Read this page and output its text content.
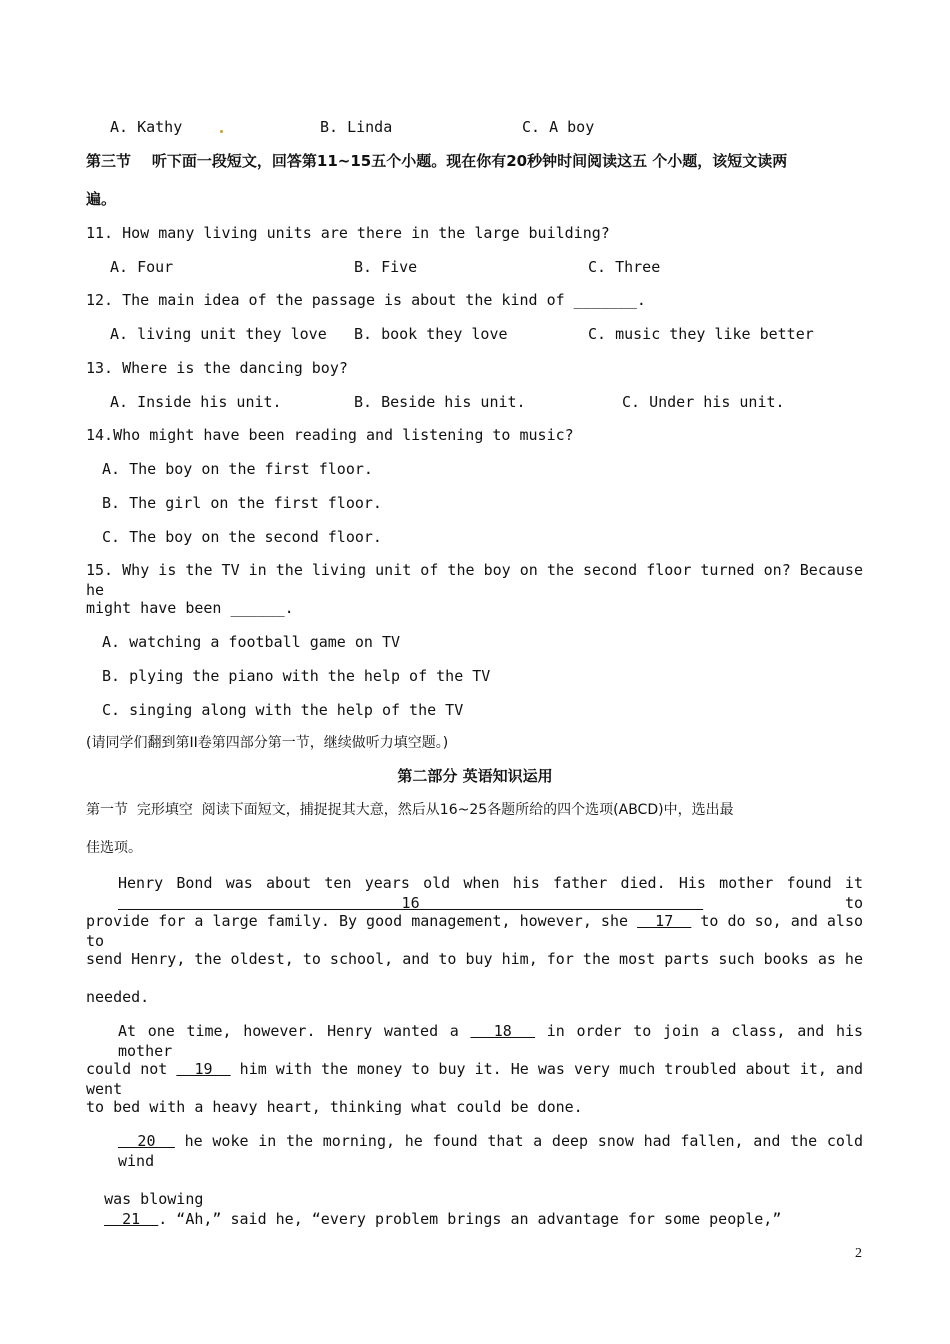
A. Kathy	B. Linda	C. A boy
第三节    听下面一段短文，回答第11~15五个小题。现在你有20秒钟时间阅读这五 个小题，该短文读两
遍。
11. How many living units are there in the large building?
A. Four	B. Five	C. Three
12. The main idea of the passage is about the kind of _______.
A. living unit they love B. book they love	C. music they like better
13. Where is the dancing boy?
A. Inside his unit.	B. Beside his unit.	C. Under his unit.
14.Who might have been reading and listening to music?
A. The boy on the first floor.
B. The girl on the first floor.
C. The boy on the second floor.
15. Why is the TV in the living unit of the boy on the second floor turned on? Because he
might have been ______.
A. watching a football game on TV
B. plying the piano with the help of the TV
C. singing along with the help of the TV
(请同学们翻到第II卷第四部分第一节，继续做听力填空题。)
第二部分 英语知识运用
第一节  完形填空  阅读下面短文，捕捉捉其大意，然后从16~25各题所给的四个选项(ABCD)中，选出最
佳选项。
Henry Bond was about ten years old when his father died. His mother found it   16	to
provide for a large family. By good management, however, she   17   to do so, and also to
send Henry, the oldest, to school, and to buy him, for the most parts such books as he
needed.
At one time, however. Henry wanted a   18   in order to join a class, and his mother
could not   19   him with the money to buy it. He was very much troubled about it, and went
to bed with a heavy heart, thinking what could be done.
20   he woke in the morning, he found that a deep snow had fallen, and the cold wind

was blowing
21  . “Ah,” said he, “every problem brings an advantage for some people,”

2
